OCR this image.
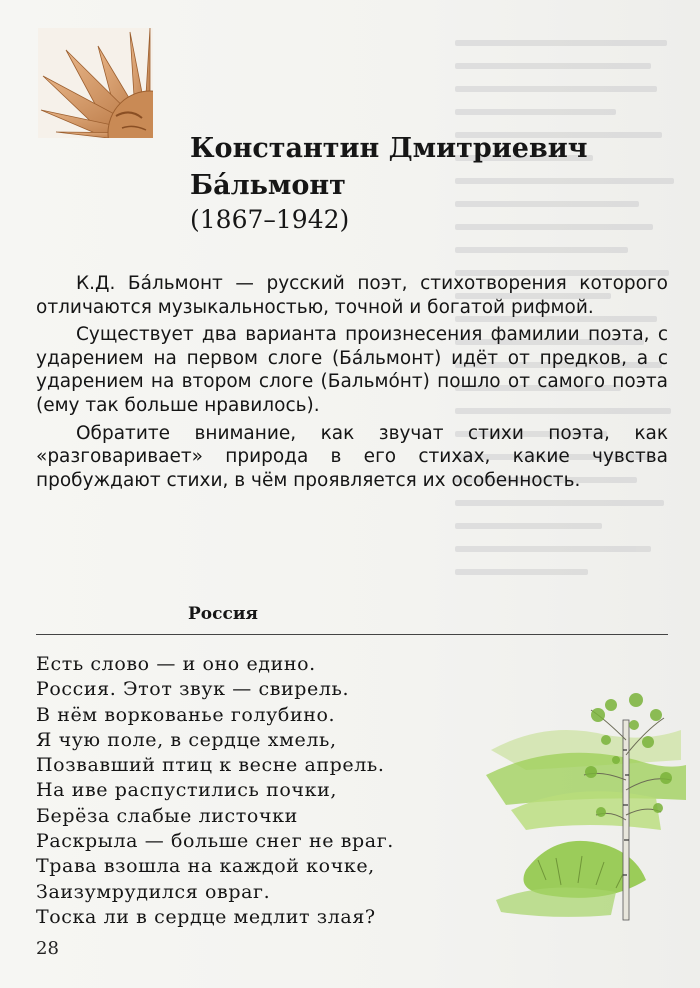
Константин Дмитриевич
Ба́льмонт
(1867–1942)

К.Д. Ба́льмонт — русский поэт, стихотворения которого отличаются музыкальностью, точной и богатой рифмой.

Существует два варианта произнесения фамилии поэта, с ударением на первом слоге (Ба́льмонт) идёт от предков, а с ударением на втором слоге (Бальмо́нт) пошло от самого поэта (ему так больше нравилось).

Обратите внимание, как звучат стихи поэта, как «разговаривает» природа в его стихах, какие чувства пробуждают стихи, в чём проявляется их особенность.

Россия
Есть слово — и оно едино.
Россия. Этот звук — свирель.
В нём воркованье голубино.
Я чую поле, в сердце хмель,
Позвавший птиц к весне апрель.
На иве распустились почки,
Берёза слабые листочки
Раскрыла — больше снег не враг.
Трава взошла на каждой кочке,
Заизумрудился овраг.
Тоска ли в сердце медлит злая?
28
